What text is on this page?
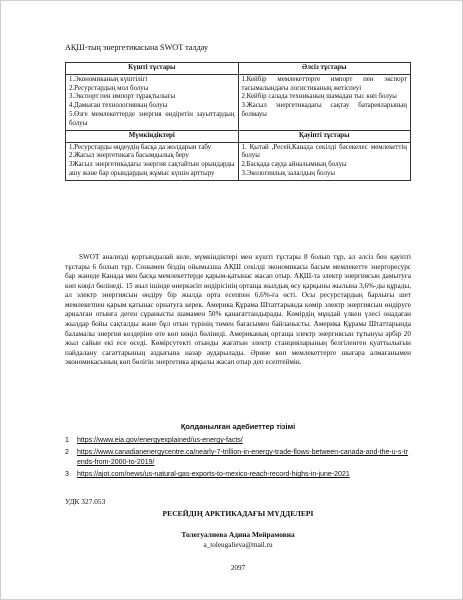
АҚШ-тың энергетикасына SWOT талдау
Күшті тұстары	Әлсіз тұстары

1.Экономиканың күштілігі
2.Ресурстардың мол болуы
3.Экспорт пен импорт тұрақтылығы
4.Дамыған технологияның болуы
5.Өзге мемлекеттерде энергия өндіретін зауыттардың болуы	1.Кейбір мемлекеттерге импорт пен экспорт тасымалындағы логистиканың жетіспеуі
2.Кейбір салада техниканың шамадан тыс көп болуы
3.Жасыл энергетикадағы сақтау батареяларының болмауы

Мүмкіндіктері	Қауіпті тұстары

1.Ресурстарды өңдеудің басқа да жолдарын табу
2.Жасыл энергетикаға басымдылық беру
3Жасыл энергетикадағы энергия сақтайтын орындарды ашу және бар орындардың жұмыс күшін арттыру	1. Қытай ,Ресей,Канада секілді бәсекелес мемлекеттің болуы
2.Басқада сауда айналымның болуы
3.Экологиялық залалдың болуы

SWOT анализді қортындылай келе, мүмкіндіктері мен күшті тұстары 8 болып тұр, ал әлсіз бен қауіпті тұстары 6 болып тұр. Сонымен біздің ойымызша АҚШ секілді экономикасы басым мемлекетте энергоресурс бар жәнеде Канада мен басқа мемлекеттерде қарым-қатынас жасап отыр. АҚШ-та электр энергиясын дамытуға көп көңіл бөлінеді. 15 жыл ішінде өнеркәсіп өндірісінің ортаща жылдық өсу қарқыны жылына 3,6%-ды құрады, ал электр энергиясын өндіру бір жылда орта есеппен 6,6%-ға өсті. Осы ресурстардың барлығы шет мемлекетпен қарым қатынас орнатуға керек. Америка Құрама Штаттарында көмір электр энергиясын өндіруге арналған отынға деген сұранысты шамамен 50% қанағаттандырады. Көмірдің мұндай үлкен үлесі онадаған жылдар бойы сақталды және бұл отын түрінің төмен бағасымен байланысты. Америка Құрама Штаттарында баламалы энергия көздеріне өте көп көңіл бөлінеді. Американың ортаща электр энергиясын тұтынуы әрбір 20 жыл сайын екі есе өседі. Көмірсутекті отынды жағатын электр станцияларының белгіленген қуаттылығын пайдалану сағаттарының аздығына назар аударылады. Әрине көп мемлекеттерге шығара алмағанымен экономикасының көп бөлігін энергетика арқылы жасап отыр деп есептеймін.

Қолданылған әдебиеттер тізімі
1	https://www.eia.gov/energyexplained/us-energy-facts/
2	https://www.canadianenergycentre.ca/nearly-7-trillion-in-energy-trade-flows-between-canada-and-the-u-s-trends-from-2000-to-2019/
3	https://ajot.com/news/us-natural-gas-exports-to-mexico-reach-record-highs-in-june-2021
УДК 327.053
РЕСЕЙДІҢ АРКТИКАДАҒЫ МҮДДЕЛЕРІ
Толегуалиева Адина Мейрамовна
a_toleugalieva@mail.ru
2097
